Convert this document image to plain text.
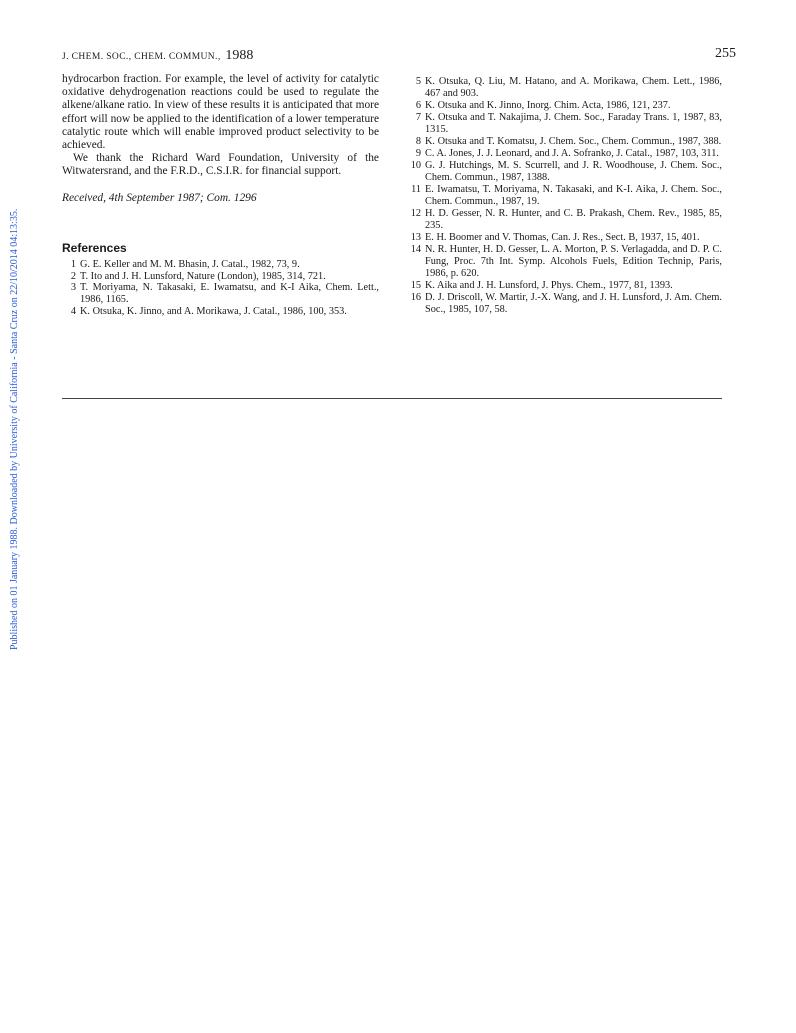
Published on 01 January 1988. Downloaded by University of California - Santa Cruz on 22/10/2014 04:13:35.
J. CHEM. SOC., CHEM. COMMUN., 1988	255

hydrocarbon fraction. For example, the level of activity for catalytic oxidative dehydrogenation reactions could be used to regulate the alkene/alkane ratio. In view of these results it is anticipated that more effort will now be applied to the identification of a lower temperature catalytic route which will enable improved product selectivity to be achieved.

We thank the Richard Ward Foundation, University of the Witwatersrand, and the F.R.D., C.S.I.R. for financial support.

Received, 4th September 1987; Com. 1296

References
1 G. E. Keller and M. M. Bhasin, J. Catal., 1982, 73, 9.
2 T. Ito and J. H. Lunsford, Nature (London), 1985, 314, 721.
3 T. Moriyama, N. Takasaki, E. Iwamatsu, and K-I Aika, Chem. Lett., 1986, 1165.
4 K. Otsuka, K. Jinno, and A. Morikawa, J. Catal., 1986, 100, 353.
5 K. Otsuka, Q. Liu, M. Hatano, and A. Morikawa, Chem. Lett., 1986, 467 and 903.
6 K. Otsuka and K. Jinno, Inorg. Chim. Acta, 1986, 121, 237.
7 K. Otsuka and T. Nakajima, J. Chem. Soc., Faraday Trans. 1, 1987, 83, 1315.
8 K. Otsuka and T. Komatsu, J. Chem. Soc., Chem. Commun., 1987, 388.
9 C. A. Jones, J. J. Leonard, and J. A. Sofranko, J. Catal., 1987, 103, 311.
10 G. J. Hutchings, M. S. Scurrell, and J. R. Woodhouse, J. Chem. Soc., Chem. Commun., 1987, 1388.
11 E. Iwamatsu, T. Moriyama, N. Takasaki, and K-I. Aika, J. Chem. Soc., Chem. Commun., 1987, 19.
12 H. D. Gesser, N. R. Hunter, and C. B. Prakash, Chem. Rev., 1985, 85, 235.
13 E. H. Boomer and V. Thomas, Can. J. Res., Sect. B, 1937, 15, 401.
14 N. R. Hunter, H. D. Gesser, L. A. Morton, P. S. Verlagadda, and D. P. C. Fung, Proc. 7th Int. Symp. Alcohols Fuels, Edition Technip, Paris, 1986, p. 620.
15 K. Aika and J. H. Lunsford, J. Phys. Chem., 1977, 81, 1393.
16 D. J. Driscoll, W. Martir, J.-X. Wang, and J. H. Lunsford, J. Am. Chem. Soc., 1985, 107, 58.
